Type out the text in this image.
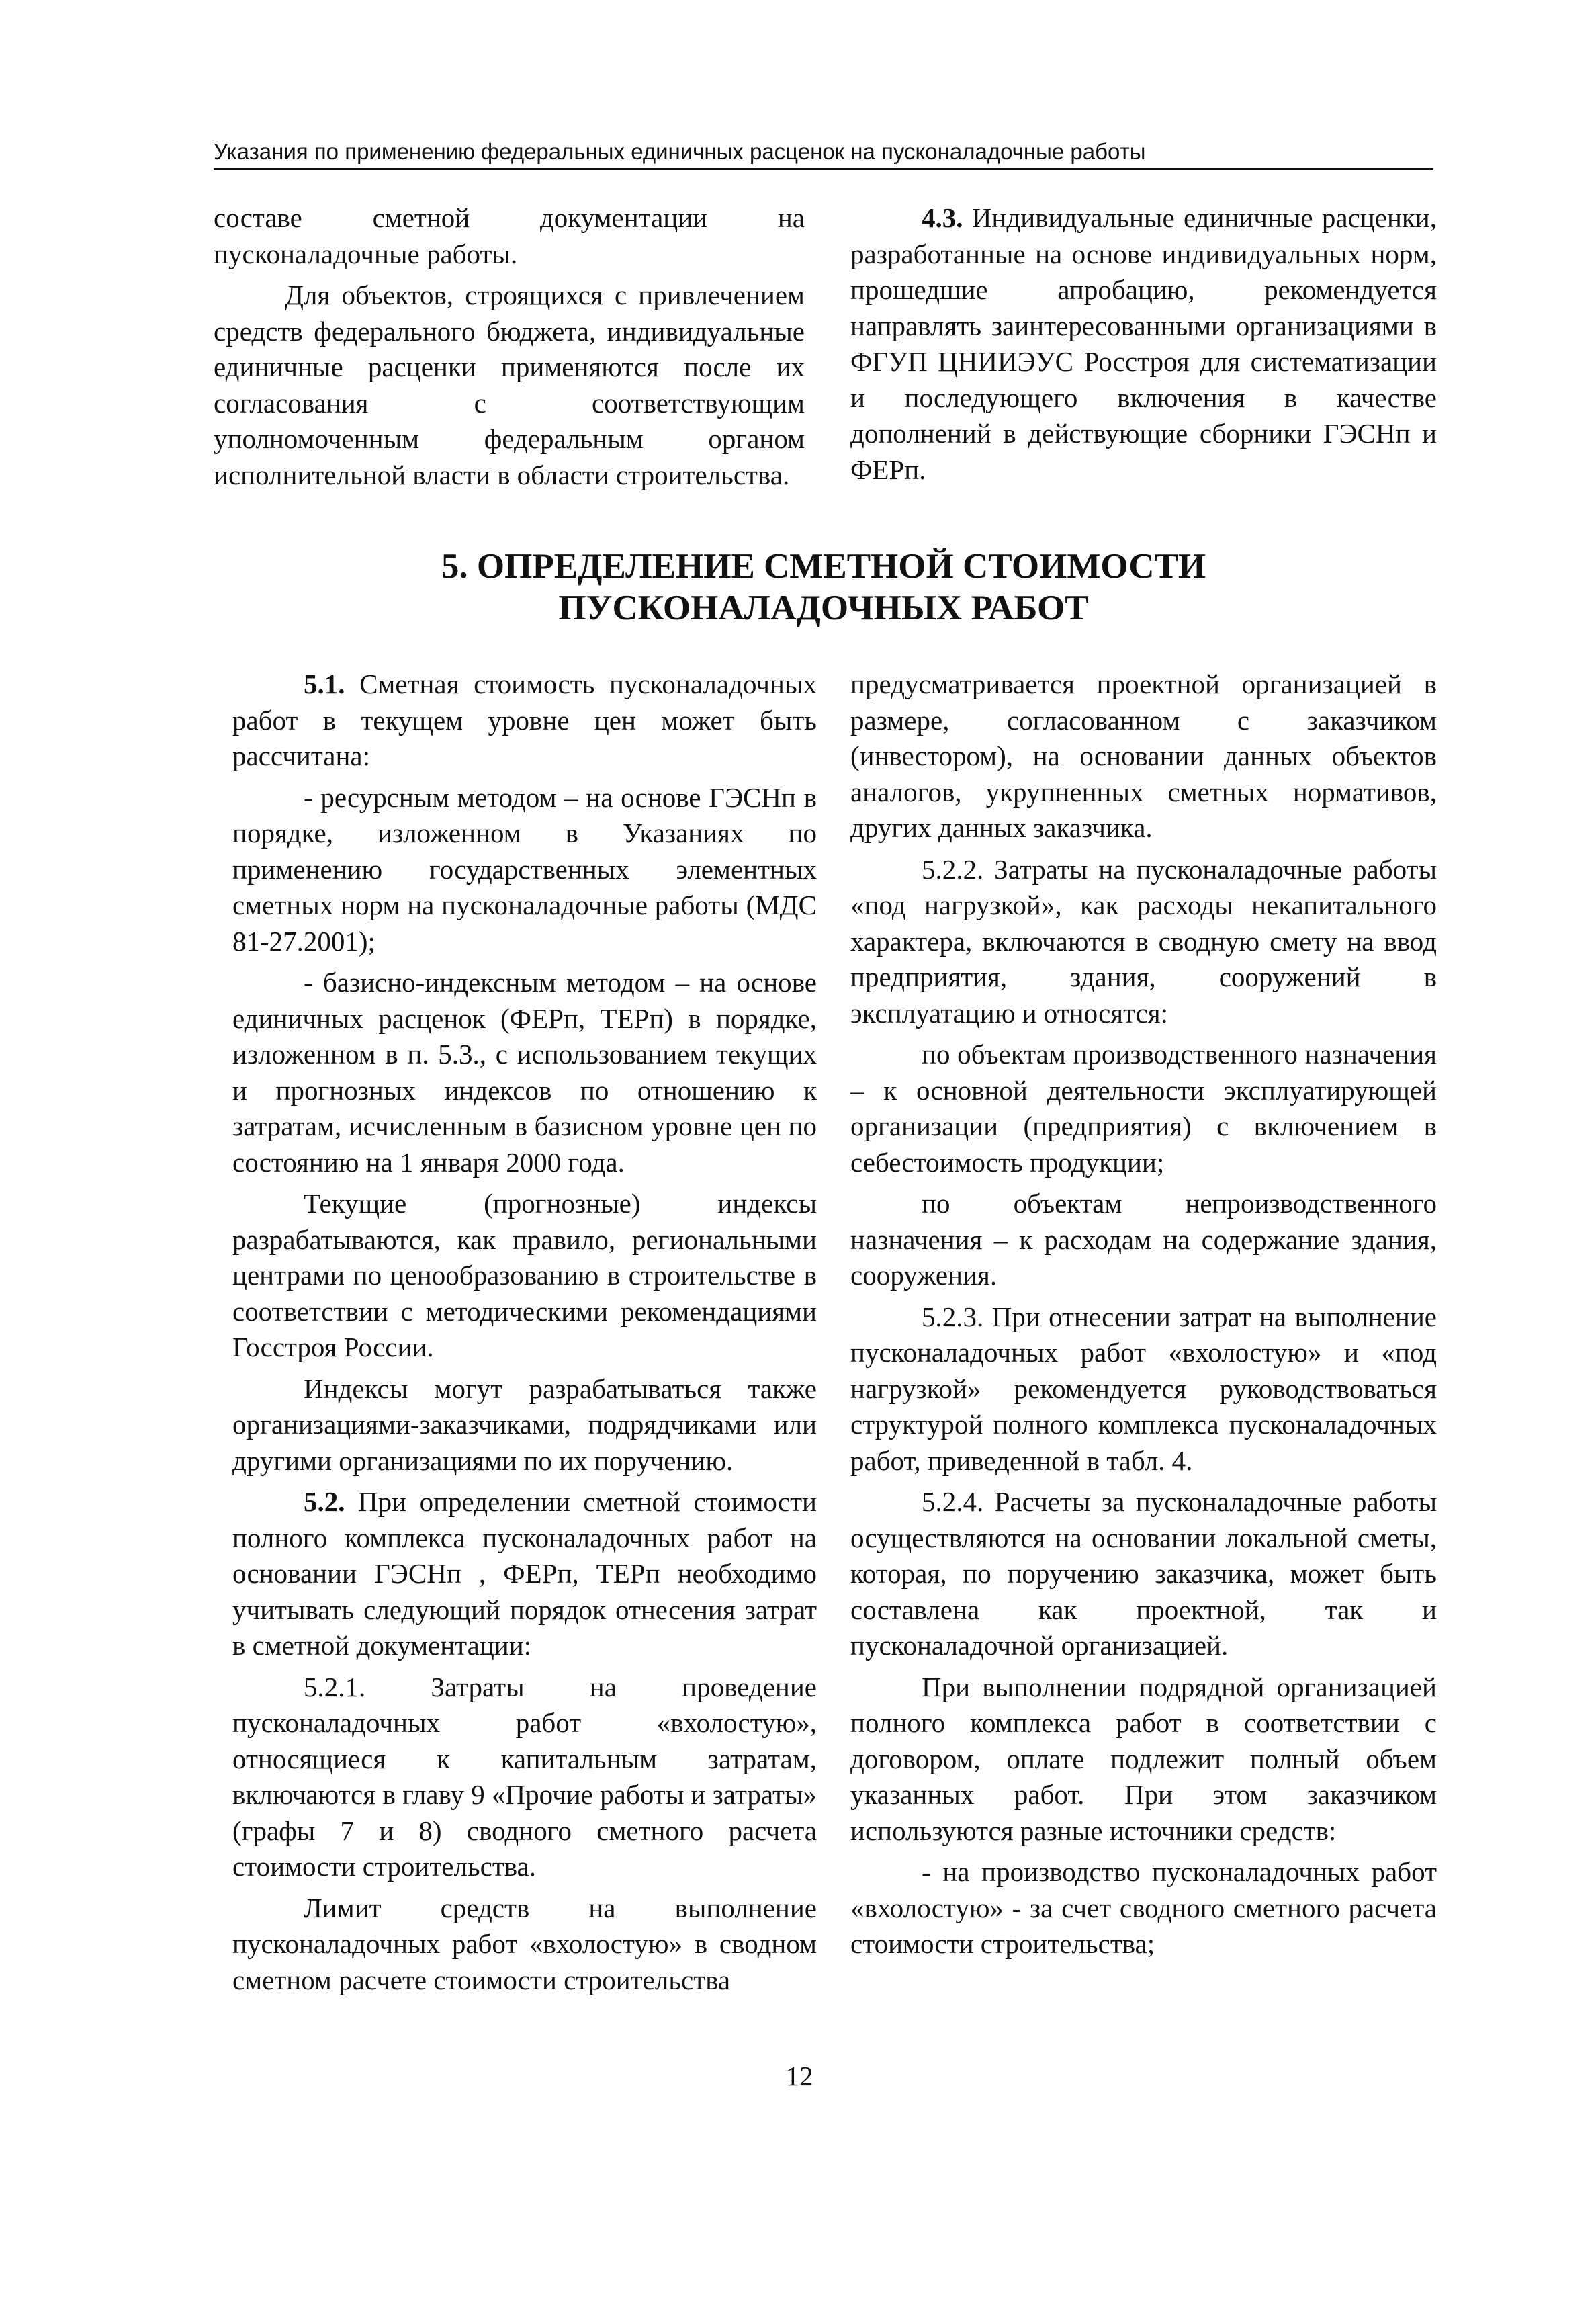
Указания по применению федеральных единичных расценок на пусконаладочные работы

составе сметной документации на пусконаладочные работы.

Для объектов, строящихся с привлечением средств федерального бюджета, индивидуальные единичные расценки применяются после их согласования с соответствующим уполномоченным федеральным органом исполнительной власти в области строительства.

4.3. Индивидуальные единичные расценки, разработанные на основе индивидуальных норм, прошедшие апробацию, рекомендуется направлять заинтересованными организациями в ФГУП ЦНИИЭУС Росстроя для систематизации и последующего включения в качестве дополнений в действующие сборники ГЭСНп и ФЕРп.

5. ОПРЕДЕЛЕНИЕ СМЕТНОЙ СТОИМОСТИ
ПУСКОНАЛАДОЧНЫХ РАБОТ

5.1. Сметная стоимость пусконаладочных работ в текущем уровне цен может быть рассчитана:

- ресурсным методом – на основе ГЭСНп в порядке, изложенном в Указаниях по применению государственных элементных сметных норм на пусконаладочные работы (МДС 81-27.2001);

- базисно-индексным методом – на основе единичных расценок (ФЕРп, ТЕРп) в порядке, изложенном в п. 5.3., с использованием текущих и прогнозных индексов по отношению к затратам, исчисленным в базисном уровне цен по состоянию на 1 января 2000 года.

Текущие (прогнозные) индексы разрабатываются, как правило, региональными центрами по ценообразованию в строительстве в соответствии с методическими рекомендациями Госстроя России.

Индексы могут разрабатываться также организациями-заказчиками, подрядчиками или другими организациями по их поручению.

5.2. При определении сметной стоимости полного комплекса пусконаладочных работ на основании ГЭСНп , ФЕРп, ТЕРп необходимо учитывать следующий порядок отнесения затрат в сметной документации:

5.2.1. Затраты на проведение пусконаладочных работ «вхолостую», относящиеся к капитальным затратам, включаются в главу 9 «Прочие работы и затраты» (графы 7 и 8) сводного сметного расчета стоимости строительства.

Лимит средств на выполнение пусконаладочных работ «вхолостую» в сводном сметном расчете стоимости строительства

предусматривается проектной организацией в размере, согласованном с заказчиком (инвестором), на основании данных объектов аналогов, укрупненных сметных нормативов, других данных заказчика.

5.2.2. Затраты на пусконаладочные работы «под нагрузкой», как расходы некапитального характера, включаются в сводную смету на ввод предприятия, здания, сооружений в эксплуатацию и относятся:

по объектам производственного назначения – к основной деятельности эксплуатирующей организации (предприятия) с включением в себестоимость продукции;

по объектам непроизводственного назначения – к расходам на содержание здания, сооружения.

5.2.3. При отнесении затрат на выполнение пусконаладочных работ «вхолостую» и «под нагрузкой» рекомендуется руководствоваться структурой полного комплекса пусконаладочных работ, приведенной в табл. 4.

5.2.4. Расчеты за пусконаладочные работы осуществляются на основании локальной сметы, которая, по поручению заказчика, может быть составлена как проектной, так и пусконаладочной организацией.

При выполнении подрядной организацией полного комплекса работ в соответствии с договором, оплате подлежит полный объем указанных работ. При этом заказчиком используются разные источники средств:

- на производство пусконаладочных работ «вхолостую» - за счет сводного сметного расчета стоимости строительства;

12
